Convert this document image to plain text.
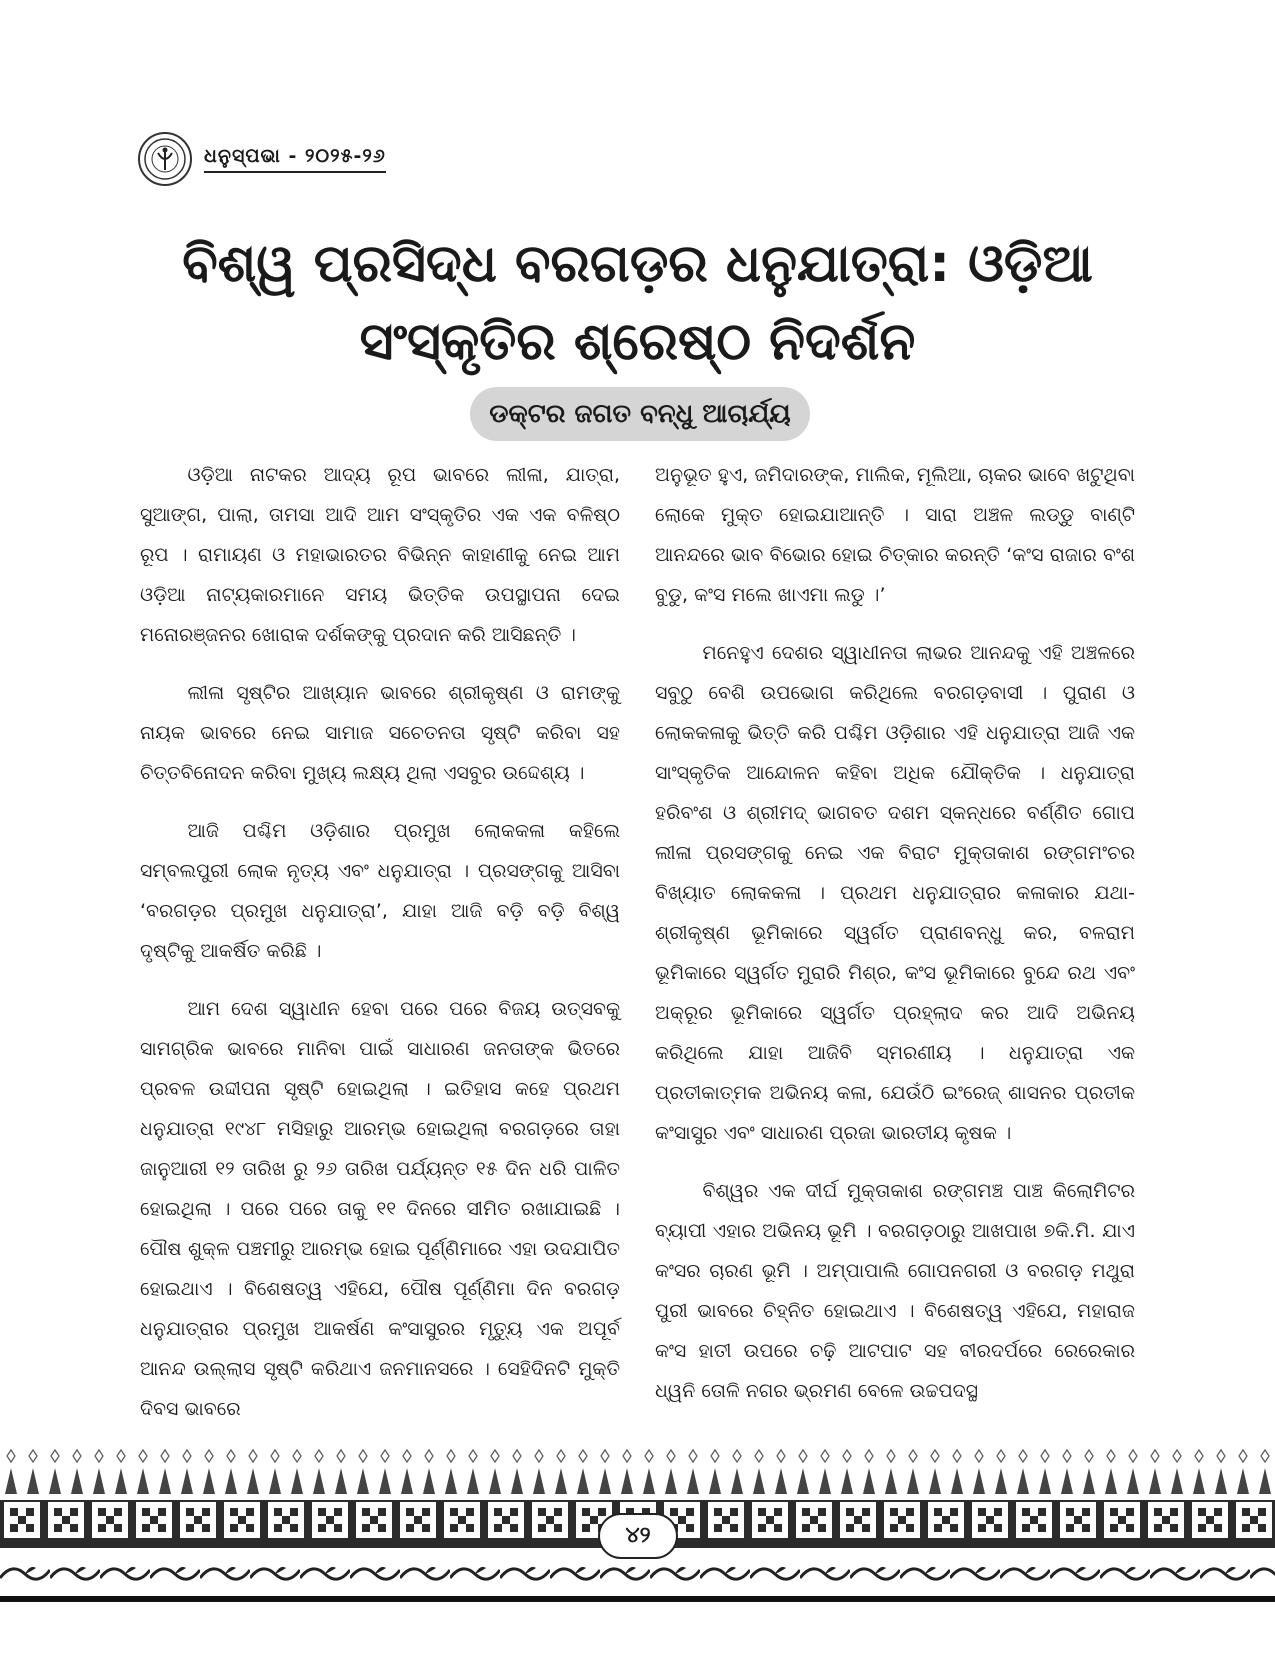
ଧନୁସ୍ପଭା - ୨୦୨୫-୨୬
ବିଶ୍ୱ ପ୍ରସିଦ୍ଧ ବରଗଡ଼ର ଧନୁଯାତ୍ରା: ଓଡ଼ିଆ ସଂସ୍କୃତିର ଶ୍ରେଷ୍ଠ ନିଦର୍ଶନ
ଡକ୍ଟର ଜଗତ ବନ୍ଧୁ ଆଚାର୍ଯ୍ୟ

ଓଡ଼ିଆ ନାଟକର ଆଦ୍ୟ ରୂପ ଭାବରେ ଲୀଳା, ଯାତ୍ରା, ସୁଆଙ୍ଗ, ପାଲା, ତାମସା ଆଦି ଆମ ସଂସ୍କୃତିର ଏକ ଏକ ବଳିଷ୍ଠ ରୂପ । ରାମାୟଣ ଓ ମହାଭାରତର ବିଭିନ୍ନ କାହାଣୀକୁ ନେଇ ଆମ ଓଡ଼ିଆ ନାଟ୍ୟକାରମାନେ ସମୟ ଭିତ୍ତିକ ଉପସ୍ଥାପନା ଦେଇ ମନୋରଞ୍ଜନର ଖୋରାକ ଦର୍ଶକଙ୍କୁ ପ୍ରଦାନ କରି ଆସିଛନ୍ତି ।

ଲୀଳା ସୃଷ୍ଟିର ଆଖ୍ୟାନ ଭାବରେ ଶ୍ରୀକୃଷ୍ଣ ଓ ରାମଙ୍କୁ ନାୟକ ଭାବରେ ନେଇ ସାମାଜ ସଚେତନତା ସୃଷ୍ଟି କରିବା ସହ ଚିତ୍ତବିନୋଦନ କରିବା ମୁଖ୍ୟ ଲକ୍ଷ୍ୟ ଥିଲା ଏସବୁର ଉଦ୍ଦେଶ୍ୟ ।

ଆଜି ପଶ୍ଚିମ ଓଡ଼ିଶାର ପ୍ରମୁଖ ଲୋକକଳା କହିଲେ ସମ୍ବଲପୁରୀ ଲୋକ ନୃତ୍ୟ ଏବଂ ଧନୁଯାତ୍ରା । ପ୍ରସଙ୍ଗକୁ ଆସିବା ‘ବରଗଡ଼ର ପ୍ରମୁଖ ଧନୁଯାତ୍ରା’, ଯାହା ଆଜି ବଡ଼ି ବଡ଼ି ବିଶ୍ୱ ଦୃଷ୍ଟିକୁ ଆକର୍ଷିତ କରିଛି ।

ଆମ ଦେଶ ସ୍ୱାଧୀନ ହେବା ପରେ ପରେ ବିଜୟ ଉତ୍ସବକୁ ସାମଗ୍ରିକ ଭାବରେ ମାନିବା ପାଇଁ ସାଧାରଣ ଜନତାଙ୍କ ଭିତରେ ପ୍ରବଳ ଉଦ୍ଦୀପନା ସୃଷ୍ଟି ହୋଇଥିଲା । ଇତିହାସ କହେ ପ୍ରଥମ ଧନୁଯାତ୍ରା ୧୯୪୮ ମସିହାରୁ ଆରମ୍ଭ ହୋଇଥିଲା ବରଗଡ଼ରେ ତାହା ଜାନୁଆରୀ ୧୨ ତାରିଖ ରୁ ୨୬ ତାରିଖ ପର୍ଯ୍ୟନ୍ତ ୧୫ ଦିନ ଧରି ପାଳିତ ହୋଇଥିଲା । ପରେ ପରେ ତାକୁ ୧୧ ଦିନରେ ସୀମିତ ରଖାଯାଇଛି । ପୌଷ ଶୁକ୍ଳ ପଞ୍ଚମୀରୁ ଆରମ୍ଭ ହୋଇ ପୂର୍ଣ୍ଣିମାରେ ଏହା ଉଦଯାପିତ ହୋଇଥାଏ । ବିଶେଷତ୍ୱ ଏହିଯେ, ପୌଷ ପୂର୍ଣ୍ଣିମା ଦିନ ବରଗଡ଼ ଧନୁଯାତ୍ରାର ପ୍ରମୁଖ ଆକର୍ଷଣ କଂସାସୁରର ମୃତ୍ୟୁ ଏକ ଅପୂର୍ବ ଆନନ୍ଦ ଉଲ୍ଲାସ ସୃଷ୍ଟି କରିଥାଏ ଜନମାନସରେ । ସେହିଦିନଟି ମୁକ୍ତି ଦିବସ ଭାବରେ

ଅନୁଭୂତ ହୁଏ, ଜମିଦାରଙ୍କ, ମାଲିକ, ମୂଲିଆ, ଚାକର ଭାବେ ଖଟୁଥିବା ଲୋକେ ମୁକ୍ତ ହୋଇଯାଆନ୍ତି । ସାରା ଅଞ୍ଚଳ ଲଡ୍ଡୁ ବାଣ୍ଟି ଆନନ୍ଦରେ ଭାବ ବିଭୋର ହୋଇ ଚିତ୍କାର କରନ୍ତି ‘କଂସ ରାଜାର ବଂଶ ବୁଡୁ, କଂସ ମଲେ ଖାଏମା ଲଡୁ ।’

ମନେହୁଏ ଦେଶର ସ୍ୱାଧୀନତା ଲାଭର ଆନନ୍ଦକୁ ଏହି ଅଞ୍ଚଳରେ ସବୁଠୁ ବେଶି ଉପଭୋଗ କରିଥିଲେ ବରଗଡ଼ବାସୀ । ପୁରାଣ ଓ ଲୋକକଳାକୁ ଭିତ୍ତି କରି ପଶ୍ଚିମ ଓଡ଼ିଶାର ଏହି ଧନୁଯାତ୍ରା ଆଜି ଏକ ସାଂସ୍କୃତିକ ଆନ୍ଦୋଳନ କହିବା ଅଧିକ ଯୌକ୍ତିକ । ଧନୁଯାତ୍ରା ହରିବଂଶ ଓ ଶ୍ରୀମଦ୍ ଭାଗବତ ଦଶମ ସ୍କନ୍ଧରେ ବର୍ଣ୍ଣିତ ଗୋପ ଲୀଳା ପ୍ରସଙ୍ଗକୁ ନେଇ ଏକ ବିରାଟ ମୁକ୍ତାକାଶ ରଙ୍ଗମଂଚର ବିଖ୍ୟାତ ଲୋକକଳା । ପ୍ରଥମ ଧନୁଯାତ୍ରାର କଳାକାର ଯଥା- ଶ୍ରୀକୃଷ୍ଣ ଭୂମିକାରେ ସ୍ୱର୍ଗତ ପ୍ରାଣବନ୍ଧୁ କର, ବଳରାମ ଭୂମିକାରେ ସ୍ୱର୍ଗତ ମୁରାରି ମିଶ୍ର, କଂସ ଭୂମିକାରେ ବୁନ୍ଦେ ରଥ ଏବଂ ଅକ୍ରୂର ଭୂମିକାରେ ସ୍ୱର୍ଗତ ପ୍ରହ୍ଲାଦ କର ଆଦି ଅଭିନୟ କରିଥିଲେ ଯାହା ଆଜିବି ସ୍ମରଣୀୟ । ଧନୁଯାତ୍ରା ଏକ ପ୍ରତୀକାତ୍ମକ ଅଭିନୟ କଳା, ଯେଉଁଠି ଇଂରେଜ୍ ଶାସନର ପ୍ରତୀକ କଂସାସୁର ଏବଂ ସାଧାରଣ ପ୍ରଜା ଭାରତୀୟ କୃଷକ ।

ବିଶ୍ୱର ଏକ ଦୀର୍ଘ ମୁକ୍ତାକାଶ ରଙ୍ଗମଞ୍ଚ ପାଞ୍ଚ କିଲୋମିଟର ବ୍ୟାପୀ ଏହାର ଅଭିନୟ ଭୂମି । ବରଗଡ଼ଠାରୁ ଆଖପାଖ ୭କି.ମି. ଯାଏ କଂସର ଚାରଣ ଭୂମି । ଅମ୍ପାପାଲି ଗୋପନଗରୀ ଓ ବରଗଡ଼ ମଥୁରା ପୁରୀ ଭାବରେ ଚିହ୍ନିତ ହୋଇଥାଏ । ବିଶେଷତ୍ୱ ଏହିଯେ, ମହାରାଜ କଂସ ହାତୀ ଉପରେ ଚଢ଼ି ଆଟପାଟ ସହ ବୀରଦର୍ପରେ ରେରେକାର ଧ୍ୱନି ତୋଳି ନଗର ଭ୍ରମଣ ବେଳେ ଉଚ୍ଚପଦସ୍ଥ

୪୨
